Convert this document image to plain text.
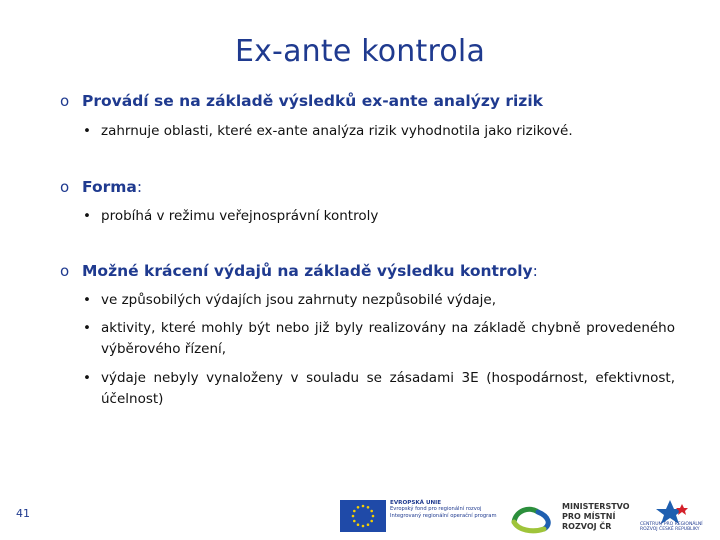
Ex-ante kontrola
o Provádí se na základě výsledků ex-ante analýzy rizik
• zahrnuje oblasti, které ex-ante analýza rizik vyhodnotila jako rizikové.
o Forma:
• probíhá v režimu veřejnosprávní kontroly
o Možné krácení výdajů na základě výsledku kontroly:
• ve způsobilých výdajích jsou zahrnuty nezpůsobilé výdaje,
• aktivity, které mohly být nebo již byly realizovány na základě chybně provedeného výběrového řízení,
• výdaje nebyly vynaloženy v souladu se zásadami 3E (hospodárnost, efektivnost, účelnost)
41
EVROPSKÁ UNIE
Evropský fond pro regionální rozvoj
Integrovaný regionální operační program
MINISTERSTVO
PRO MÍSTNÍ
ROZVOJ ČR	CENTRUM PRO REGIONÁLNÍ ROZVOJ ČESKÉ REPUBLIKY
